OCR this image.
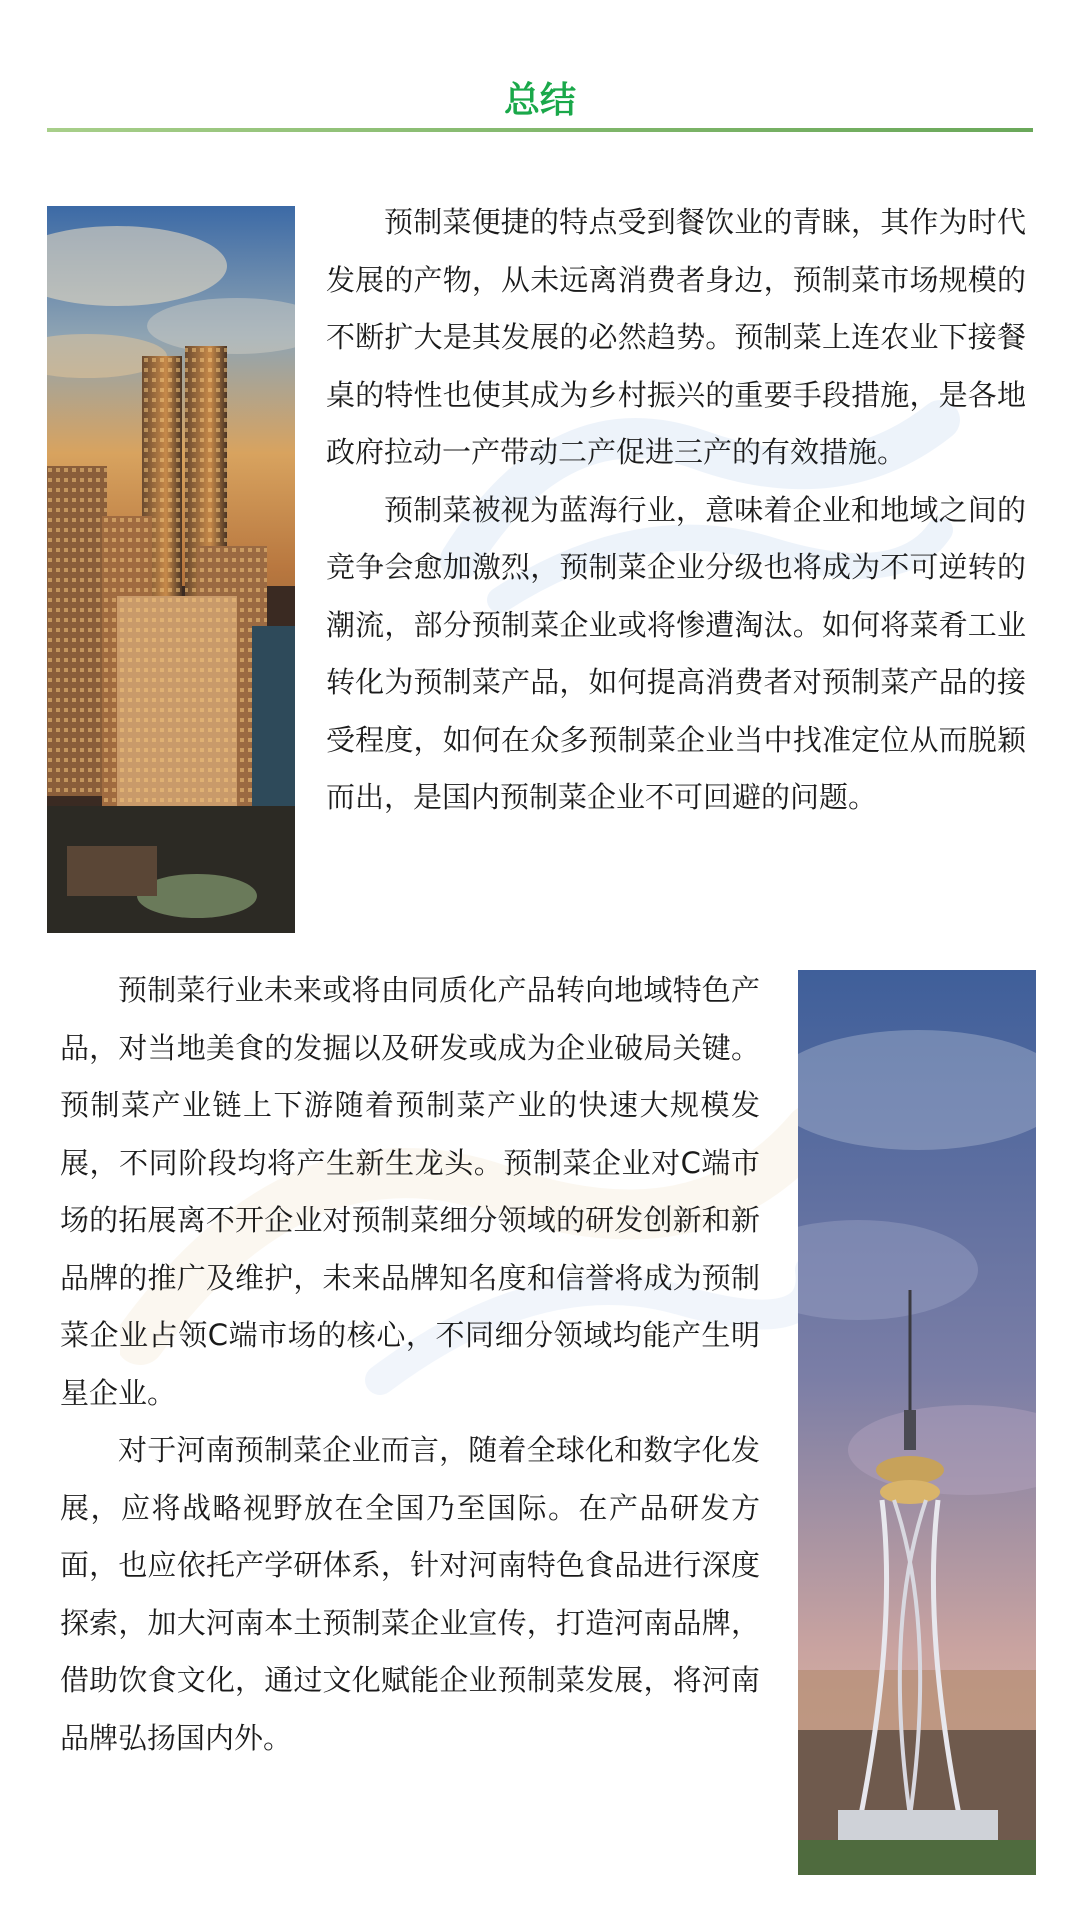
总结

预制菜便捷的特点受到餐饮业的青睐，其作为时代发展的产物，从未远离消费者身边，预制菜市场规模的不断扩大是其发展的必然趋势。预制菜上连农业下接餐桌的特性也使其成为乡村振兴的重要手段措施，是各地政府拉动一产带动二产促进三产的有效措施。

预制菜被视为蓝海行业，意味着企业和地域之间的竞争会愈加激烈，预制菜企业分级也将成为不可逆转的潮流，部分预制菜企业或将惨遭淘汰。如何将菜肴工业转化为预制菜产品，如何提高消费者对预制菜产品的接受程度，如何在众多预制菜企业当中找准定位从而脱颖而出，是国内预制菜企业不可回避的问题。

预制菜行业未来或将由同质化产品转向地域特色产品，对当地美食的发掘以及研发或成为企业破局关键。预制菜产业链上下游随着预制菜产业的快速大规模发展，不同阶段均将产生新生龙头。预制菜企业对C端市场的拓展离不开企业对预制菜细分领域的研发创新和新品牌的推广及维护，未来品牌知名度和信誉将成为预制菜企业占领C端市场的核心，不同细分领域均能产生明星企业。

对于河南预制菜企业而言，随着全球化和数字化发展，应将战略视野放在全国乃至国际。在产品研发方面，也应依托产学研体系，针对河南特色食品进行深度探索，加大河南本土预制菜企业宣传，打造河南品牌，借助饮食文化，通过文化赋能企业预制菜发展，将河南品牌弘扬国内外。
